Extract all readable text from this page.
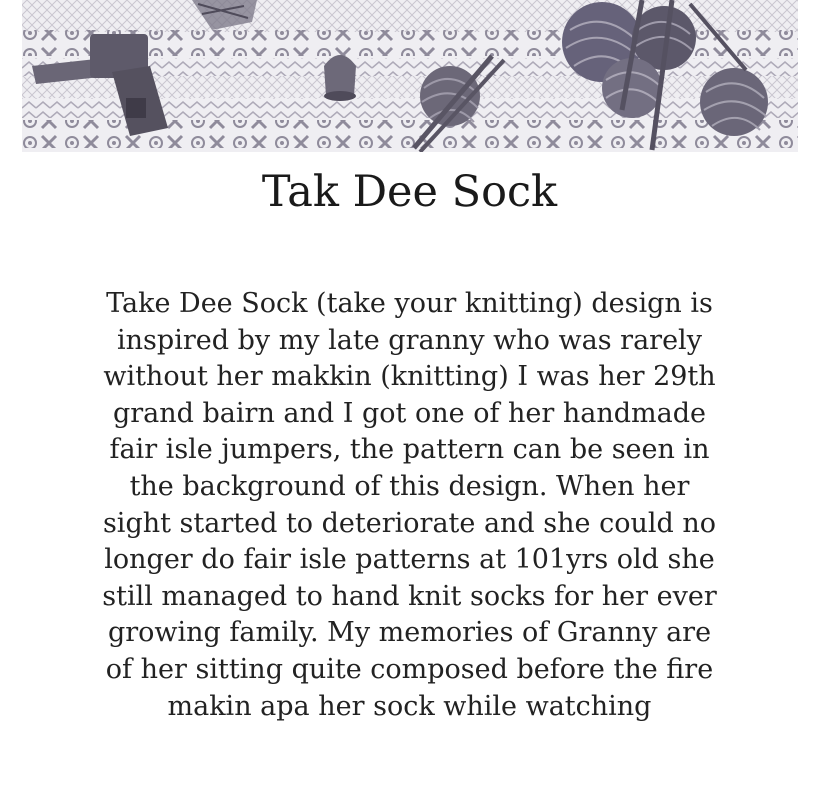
Tak Dee Sock

Take Dee Sock (take your knitting) design is
inspired by my late granny who was rarely
without her makkin (knitting) I was her 29th
grand bairn and I got one of her handmade
fair isle jumpers, the pattern can be seen in
the background of this design. When her
sight started to deteriorate and she could no
longer do fair isle patterns at 101yrs old she
still managed to hand knit socks for her ever
growing family. My memories of Granny are
of her sitting quite composed before the fire
makin apa her sock while watching
